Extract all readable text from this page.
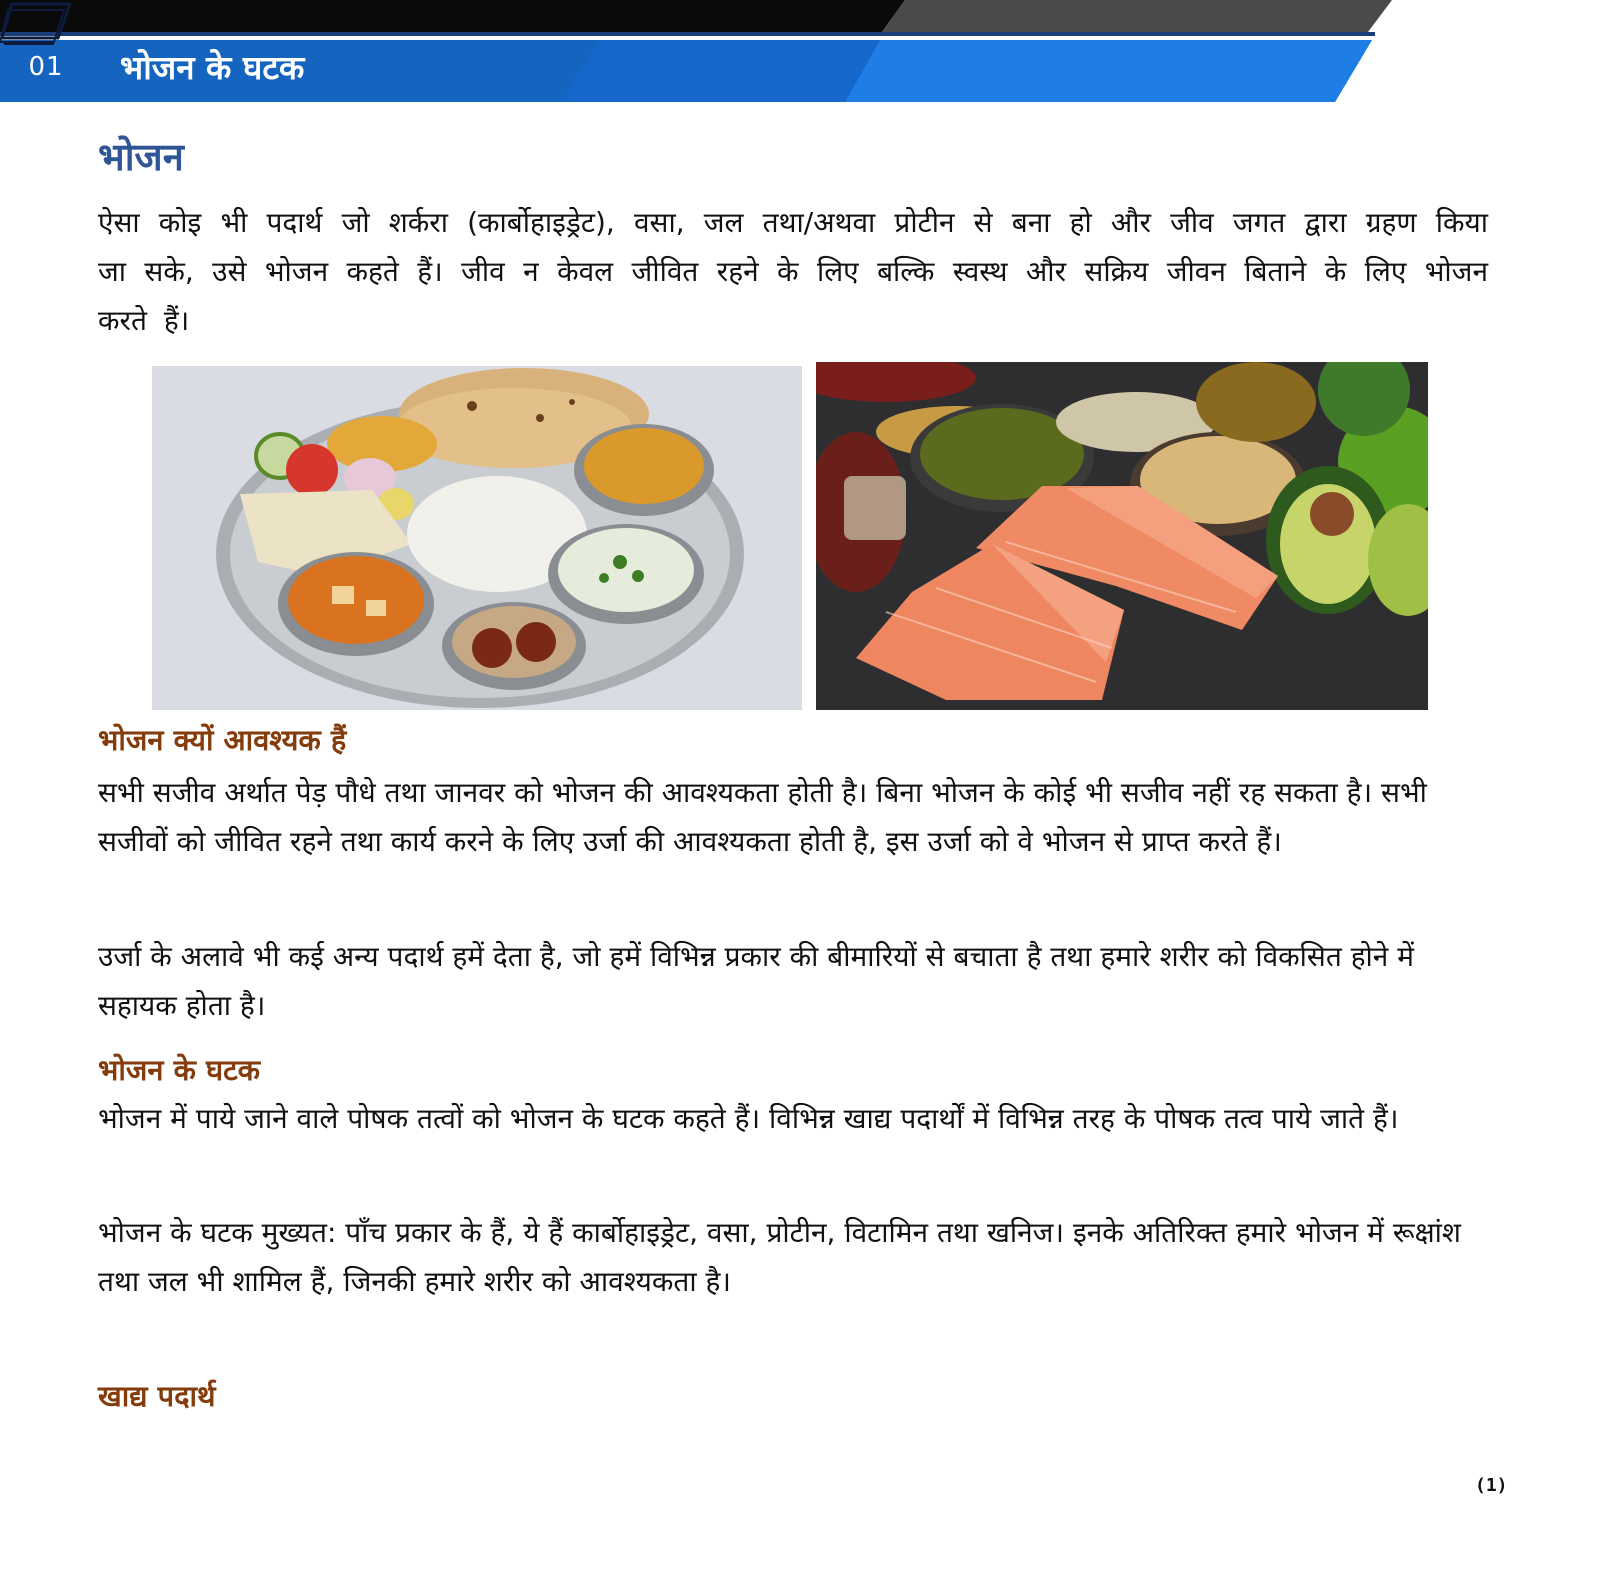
01	भोजन के घटक
भोजन
ऐसा कोइ भी पदार्थ जो शर्करा (कार्बोहाइड्रेट), वसा, जल तथा/अथवा प्रोटीन से बना हो और जीव जगत द्वारा ग्रहण किया जा सके, उसे भोजन कहते हैं। जीव न केवल जीवित रहने के लिए बल्कि स्वस्थ और सक्रिय जीवन बिताने के लिए भोजन करते हैं।
भोजन क्यों आवश्यक हैं
सभी सजीव अर्थात पेड़ पौधे तथा जानवर को भोजन की आवश्यकता होती है। बिना भोजन के कोई भी सजीव नहीं रह सकता है। सभी सजीवों को जीवित रहने तथा कार्य करने के लिए उर्जा की आवश्यकता होती है, इस उर्जा को वे भोजन से प्राप्त करते हैं।
उर्जा के अलावे भी कई अन्य पदार्थ हमें देता है, जो हमें विभिन्न प्रकार की बीमारियों से बचाता है तथा हमारे शरीर को विकसित होने में सहायक होता है।
भोजन के घटक
भोजन में पाये जाने वाले पोषक तत्वों को भोजन के घटक कहते हैं। विभिन्न खाद्य पदार्थों में विभिन्न तरह के पोषक तत्व पाये जाते हैं।
भोजन के घटक मुख्यत: पाँच प्रकार के हैं, ये हैं कार्बोहाइड्रेट, वसा, प्रोटीन, विटामिन तथा खनिज। इनके अतिरिक्त हमारे भोजन में रूक्षांश तथा जल भी शामिल हैं, जिनकी हमारे शरीर को आवश्यकता है।
खाद्य पदार्थ
(1)
